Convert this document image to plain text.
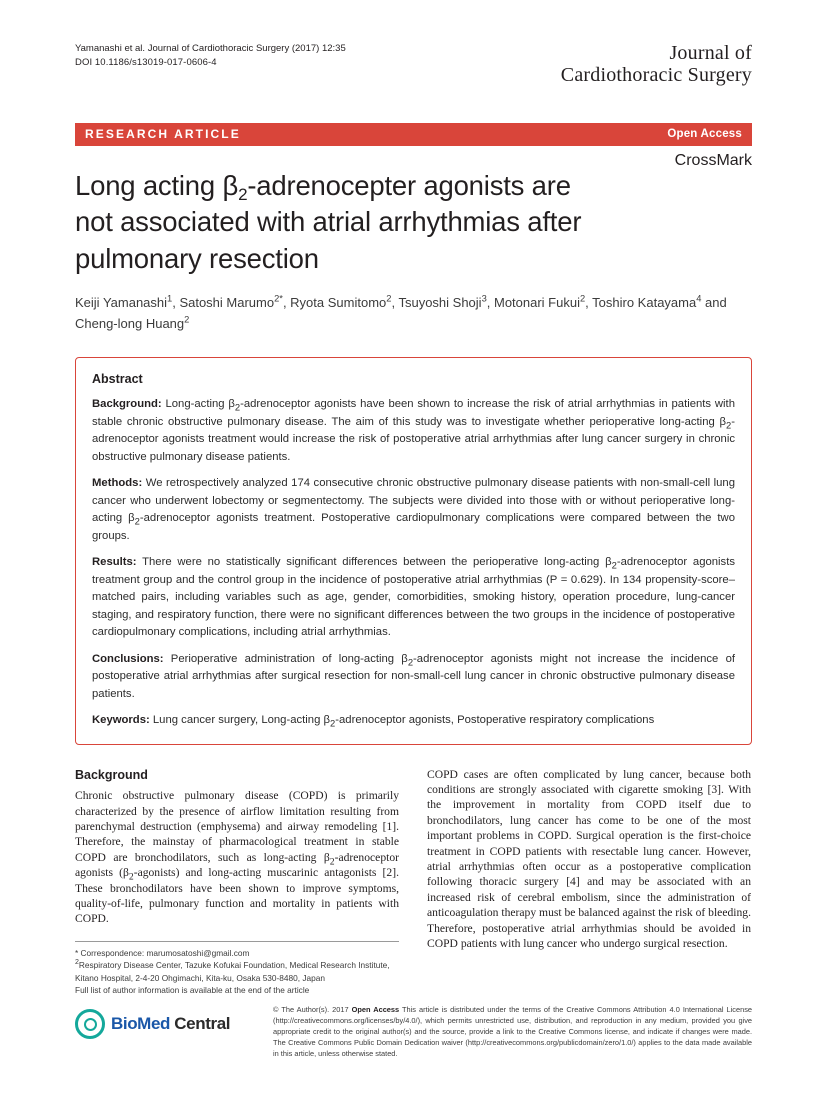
Yamanashi et al. Journal of Cardiothoracic Surgery (2017) 12:35
DOI 10.1186/s13019-017-0606-4	Journal of
Cardiothoracic Surgery
RESEARCH ARTICLE	Open Access
CrossMark
Long acting $\beta_2$-adrenocepter agonists are
not associated with atrial arrhythmias after
pulmonary resection
Keiji Yamanashi$^1$, Satoshi Marumo$^{2*}$, Ryota Sumitomo$^2$, Tsuyoshi Shoji$^3$, Motonari Fukui$^2$, Toshiro Katayama$^4$ and Cheng-long Huang$^2$
Abstract

Background: Long-acting $\beta_2$-adrenoceptor agonists have been shown to increase the risk of atrial arrhythmias in patients with stable chronic obstructive pulmonary disease. The aim of this study was to investigate whether perioperative long-acting $\beta_2$-adrenoceptor agonists treatment would increase the risk of postoperative atrial arrhythmias after lung cancer surgery in chronic obstructive pulmonary disease patients.

Methods: We retrospectively analyzed 174 consecutive chronic obstructive pulmonary disease patients with non-small-cell lung cancer who underwent lobectomy or segmentectomy. The subjects were divided into those with or without perioperative long-acting $\beta_2$-adrenoceptor agonists treatment. Postoperative cardiopulmonary complications were compared between the two groups.

Results: There were no statistically significant differences between the perioperative long-acting $\beta_2$-adrenoceptor agonists treatment group and the control group in the incidence of postoperative atrial arrhythmias (P = 0.629). In 134 propensity-score–matched pairs, including variables such as age, gender, comorbidities, smoking history, operation procedure, lung-cancer staging, and respiratory function, there were no significant differences between the two groups in the incidence of postoperative cardiopulmonary complications, including atrial arrhythmias.

Conclusions: Perioperative administration of long-acting $\beta_2$-adrenoceptor agonists might not increase the incidence of postoperative atrial arrhythmias after surgical resection for non-small-cell lung cancer in chronic obstructive pulmonary disease patients.

Keywords: Lung cancer surgery, Long-acting $\beta_2$-adrenoceptor agonists, Postoperative respiratory complications

Background

Chronic obstructive pulmonary disease (COPD) is primarily characterized by the presence of airflow limitation resulting from parenchymal destruction (emphysema) and airway remodeling [1]. Therefore, the mainstay of pharmacological treatment in stable COPD are bronchodilators, such as long-acting $\beta_2$-adrenoceptor agonists $(\beta_2-agonists)$ and long-acting muscarinic antagonists [2]. These bronchodilators have been shown to improve symptoms, quality-of-life, pulmonary function and mortality in patients with COPD.

* Correspondence: marumosatoshi@gmail.com
$^2$Respiratory Disease Center, Tazuke Kofukai Foundation, Medical Research Institute, Kitano Hospital, 2-4-20 Ohgimachi, Kita-ku, Osaka 530-8480, Japan
Full list of author information is available at the end of the article

COPD cases are often complicated by lung cancer, because both conditions are strongly associated with cigarette smoking [3]. With the improvement in mortality from COPD itself due to bronchodilators, lung cancer has come to be one of the most important problems in COPD. Surgical operation is the first-choice treatment in COPD patients with resectable lung cancer. However, atrial arrhythmias often occur as a postoperative complication following thoracic surgery [4] and may be associated with an increased risk of cerebral embolism, since the administration of anticoagulation therapy must be balanced against the risk of bleeding. Therefore, postoperative atrial arrhythmias should be avoided in COPD patients with lung cancer who undergo surgical resection.

BioMed Central
© The Author(s). 2017 Open Access This article is distributed under the terms of the Creative Commons Attribution 4.0 International License (http://creativecommons.org/licenses/by/4.0/), which permits unrestricted use, distribution, and reproduction in any medium, provided you give appropriate credit to the original author(s) and the source, provide a link to the Creative Commons license, and indicate if changes were made. The Creative Commons Public Domain Dedication waiver (http://creativecommons.org/publicdomain/zero/1.0/) applies to the data made available in this article, unless otherwise stated.
